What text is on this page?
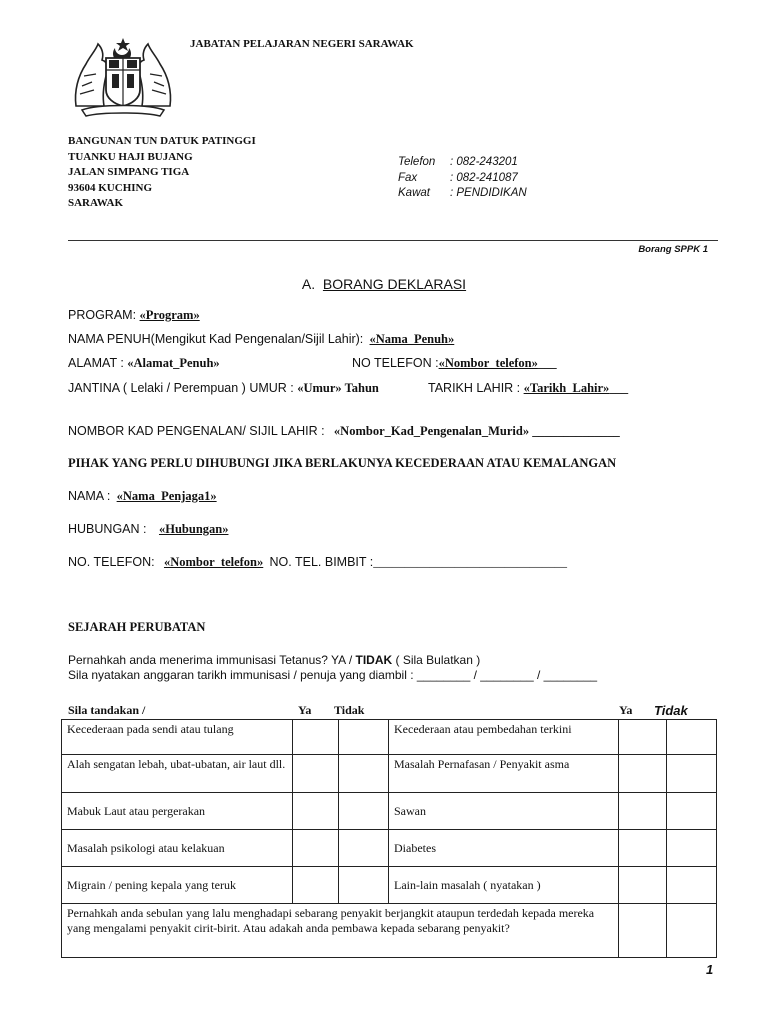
JABATAN PELAJARAN NEGERI SARAWAK
BANGUNAN TUN DATUK PATINGGI
TUANKU HAJI BUJANG
JALAN SIMPANG TIGA
93604 KUCHING
SARAWAK
Telefon	: 082-243201
Fax	: 082-241087
Kawat	: PENDIDIKAN
Borang SPPK 1
A. BORANG DEKLARASI
PROGRAM: «Program»
NAMA PENUH(Mengikut Kad Pengenalan/Sijil Lahir): «Nama_Penuh»
ALAMAT : «Alamat_Penuh»	NO TELEFON :«Nombor_telefon»___
JANTINA ( Lelaki / Perempuan ) UMUR : «Umur» Tahun	TARIKH LAHIR : «Tarikh_Lahir»___
NOMBOR KAD PENGENALAN/ SIJIL LAHIR : «Nombor_Kad_Pengenalan_Murid» ______________
PIHAK YANG PERLU DIHUBUNGI JIKA BERLAKUNYA KECEDERAAN ATAU KEMALANGAN
NAMA : «Nama_Penjaga1»
HUBUNGAN : «Hubungan»
NO. TELEFON: «Nombor_telefon» NO. TEL. BIMBIT :_______________________________
SEJARAH PERUBATAN
Pernahkah anda menerima immunisasi Tetanus? YA / TIDAK ( Sila Bulatkan )
Sila nyatakan anggaran tarikh immunisasi / penuja yang diambil : ________ / ________ / ________
Sila tandakan /	Ya Tidak	Ya Tidak
Kecederaan pada sendi atau tulang			Kecederaan atau pembedahan terkini		
Alah sengatan lebah, ubat-ubatan, air laut dll.			Masalah Pernafasan / Penyakit asma		
Mabuk Laut atau pergerakan			Sawan		
Masalah psikologi atau kelakuan			Diabetes		
Migrain / pening kepala yang teruk			Lain-lain masalah ( nyatakan )		
Pernahkah anda sebulan yang lalu menghadapi sebarang penyakit berjangkit ataupun terdedah kepada mereka yang mengalami penyakit cirit-birit. Atau adakah anda pembawa kepada sebarang penyakit?					
1
